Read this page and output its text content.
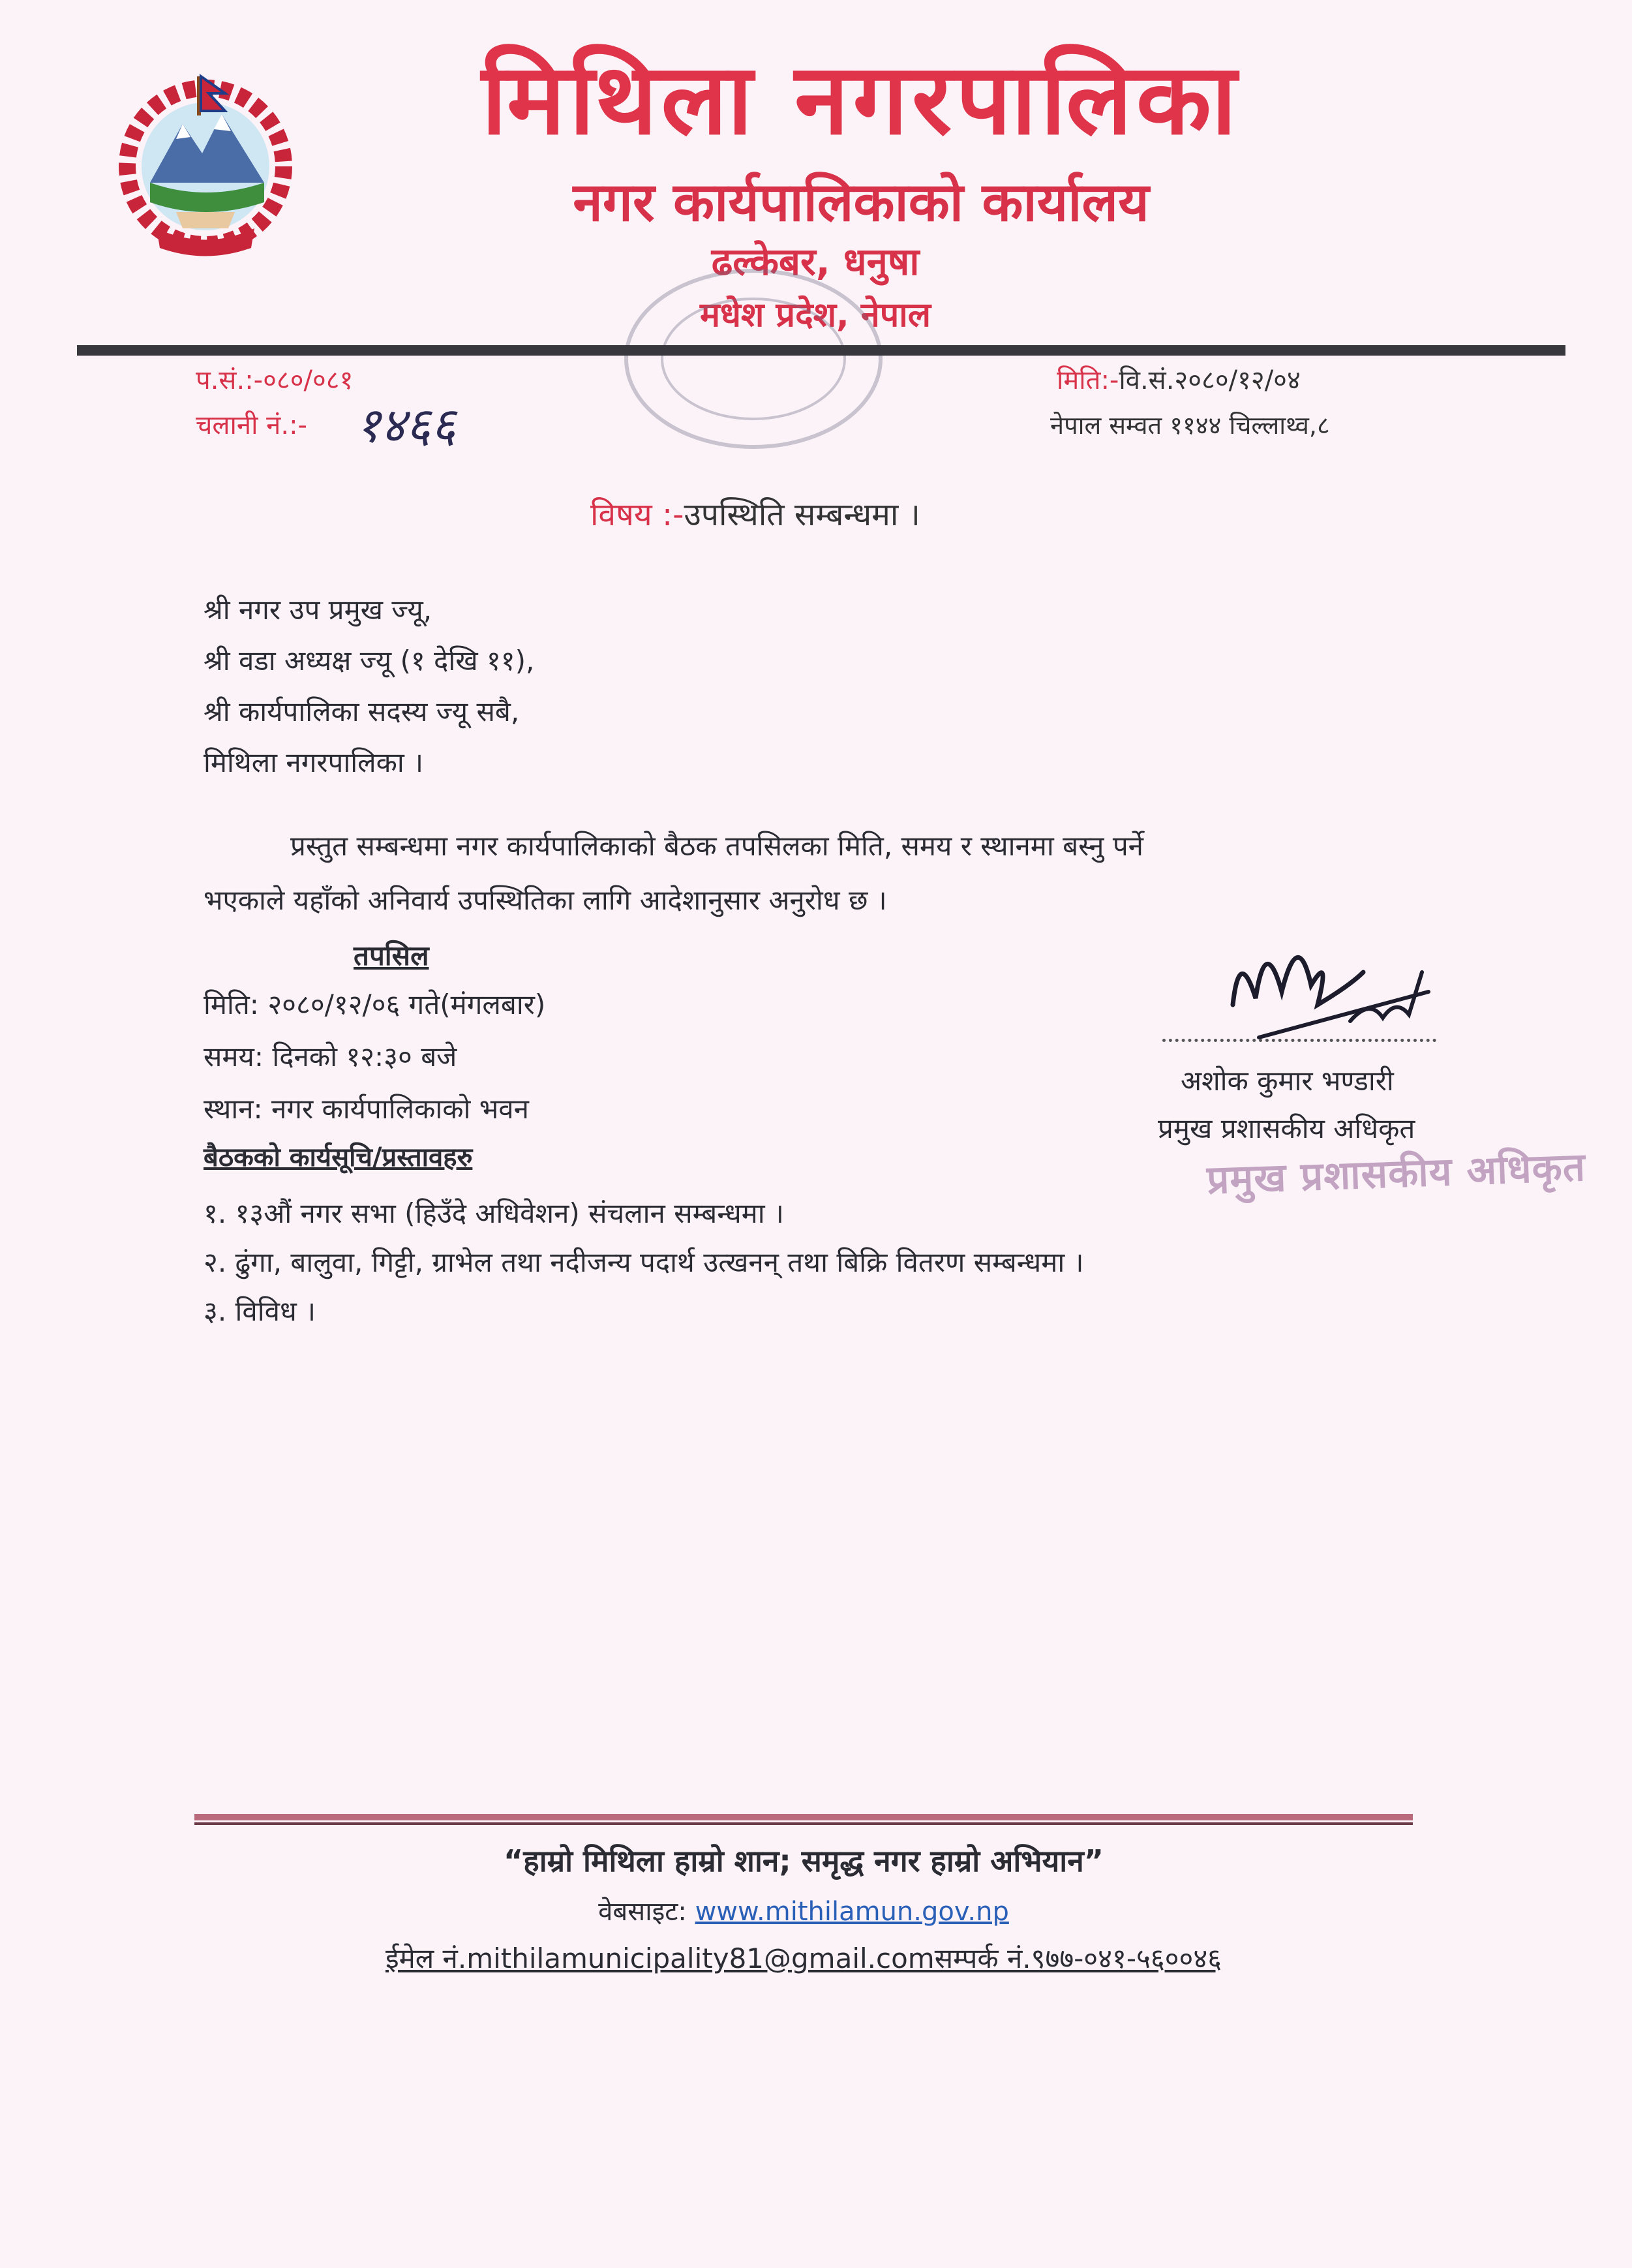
मिथिला नगरपालिका
नगर कार्यपालिकाको कार्यालय
ढल्केबर, धनुषा
मधेश प्रदेश, नेपाल
प.सं.:-०८०/०८१
चलानी नं.:- १४६६
मिति:-वि.सं.२०८०/१२/०४
नेपाल सम्वत ११४४ चिल्लाथ्व,८
विषय :-उपस्थिति सम्बन्धमा ।
श्री नगर उप प्रमुख ज्यू,
श्री वडा अध्यक्ष ज्यू (१ देखि ११),
श्री कार्यपालिका सदस्य ज्यू सबै,
मिथिला नगरपालिका ।
प्रस्तुत सम्बन्धमा नगर कार्यपालिकाको बैठक तपसिलका मिति, समय र स्थानमा बस्नु पर्ने
भएकाले यहाँको अनिवार्य उपस्थितिका लागि आदेशानुसार अनुरोध छ ।
तपसिल
मिति: २०८०/१२/०६ गते(मंगलबार)
समय: दिनको १२:३० बजे
स्थान: नगर कार्यपालिकाको भवन
बैठकको कार्यसूचि/प्रस्तावहरु
१. १३औं नगर सभा (हिउँदे अधिवेशन) संचलान सम्बन्धमा ।
२. ढुंगा, बालुवा, गिट्टी, ग्राभेल तथा नदीजन्य पदार्थ उत्खनन् तथा बिक्रि वितरण सम्बन्धमा ।
३. विविध ।
अशोक कुमार भण्डारी
प्रमुख प्रशासकीय अधिकृत
प्रमुख प्रशासकीय अधिकृत
“हाम्रो मिथिला हाम्रो शान; समृद्ध नगर हाम्रो अभियान”
वेबसाइट: www.mithilamun.gov.np
ईमेल नं.mithilamunicipality81@gmail.comसम्पर्क नं.९७७-०४१-५६००४६
